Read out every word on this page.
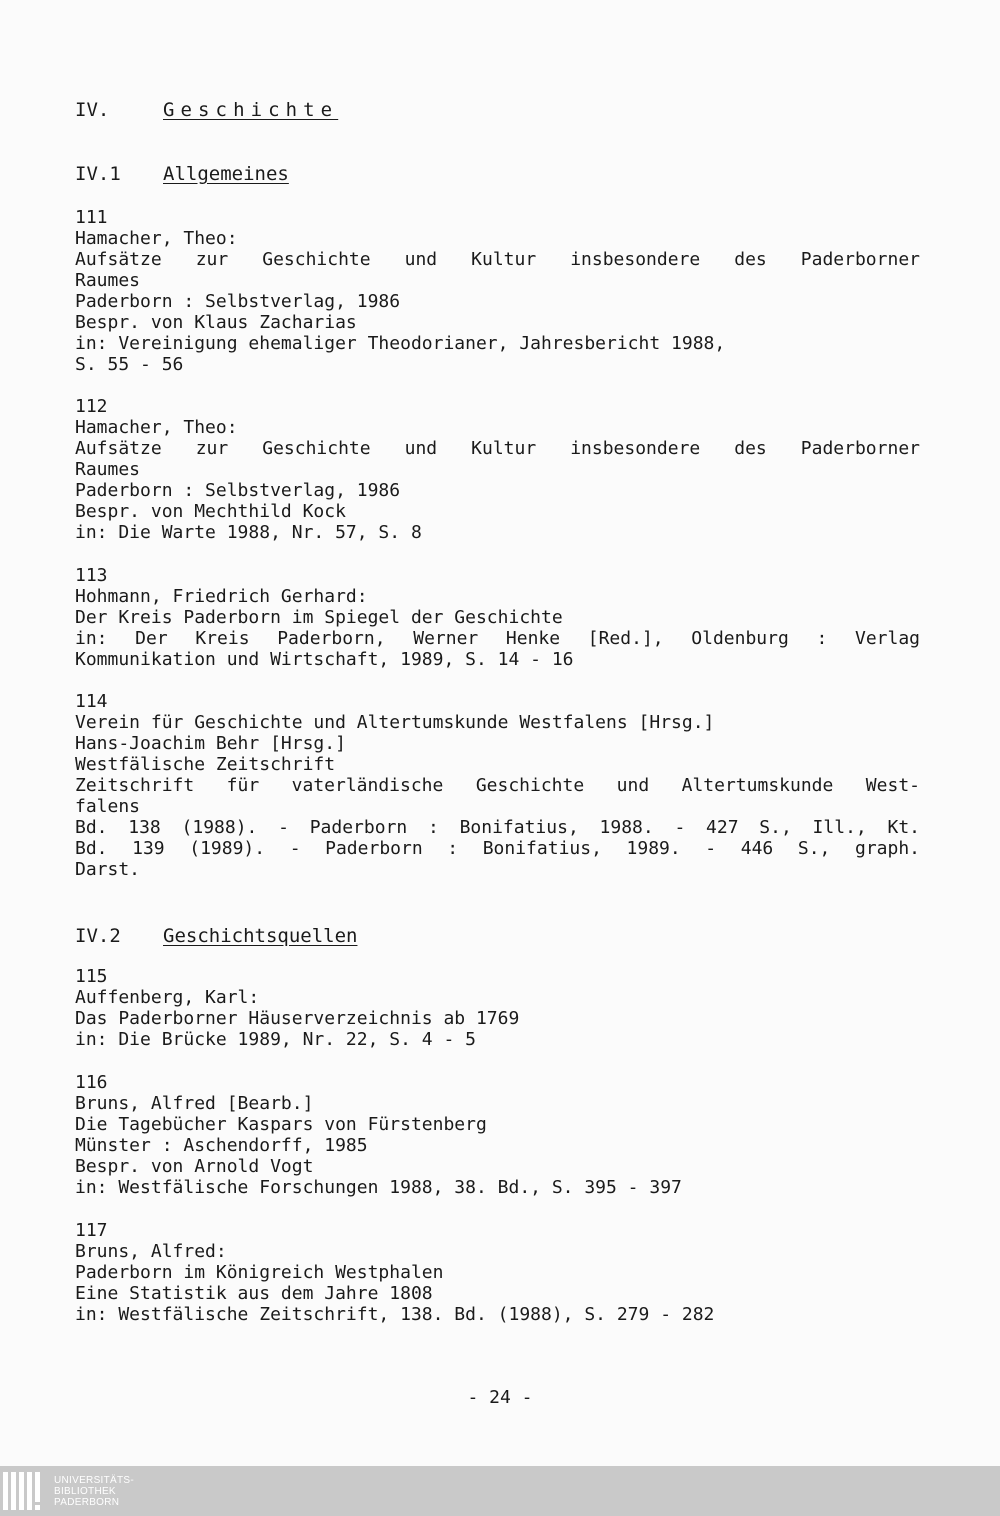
IV.	Geschichte
IV.1 Allgemeines
111
Hamacher, Theo:
Aufsätze zur Geschichte und Kultur insbesondere des Paderborner
Raumes
Paderborn : Selbstverlag, 1986
Bespr. von Klaus Zacharias
in: Vereinigung ehemaliger Theodorianer, Jahresbericht 1988,
S. 55 - 56
112
Hamacher, Theo:
Aufsätze zur Geschichte und Kultur insbesondere des Paderborner
Raumes
Paderborn : Selbstverlag, 1986
Bespr. von Mechthild Kock
in: Die Warte 1988, Nr. 57, S. 8
113
Hohmann, Friedrich Gerhard:
Der Kreis Paderborn im Spiegel der Geschichte
in: Der Kreis Paderborn, Werner Henke [Red.], Oldenburg : Verlag
Kommunikation und Wirtschaft, 1989, S. 14 - 16
114
Verein für Geschichte und Altertumskunde Westfalens [Hrsg.]
Hans-Joachim Behr [Hrsg.]
Westfälische Zeitschrift
Zeitschrift für vaterländische Geschichte und Altertumskunde West-
falens
Bd. 138 (1988). - Paderborn : Bonifatius, 1988. - 427 S., Ill., Kt.
Bd. 139 (1989). - Paderborn : Bonifatius, 1989. - 446 S., graph.
Darst.
IV.2 Geschichtsquellen
115
Auffenberg, Karl:
Das Paderborner Häuserverzeichnis ab 1769
in: Die Brücke 1989, Nr. 22, S. 4 - 5
116
Bruns, Alfred [Bearb.]
Die Tagebücher Kaspars von Fürstenberg
Münster : Aschendorff, 1985
Bespr. von Arnold Vogt
in: Westfälische Forschungen 1988, 38. Bd., S. 395 - 397
117
Bruns, Alfred:
Paderborn im Königreich Westphalen
Eine Statistik aus dem Jahre 1808
in: Westfälische Zeitschrift, 138. Bd. (1988), S. 279 - 282
- 24 -
UNIVERSITÄTS-
BIBLIOTHEK
PADERBORN
